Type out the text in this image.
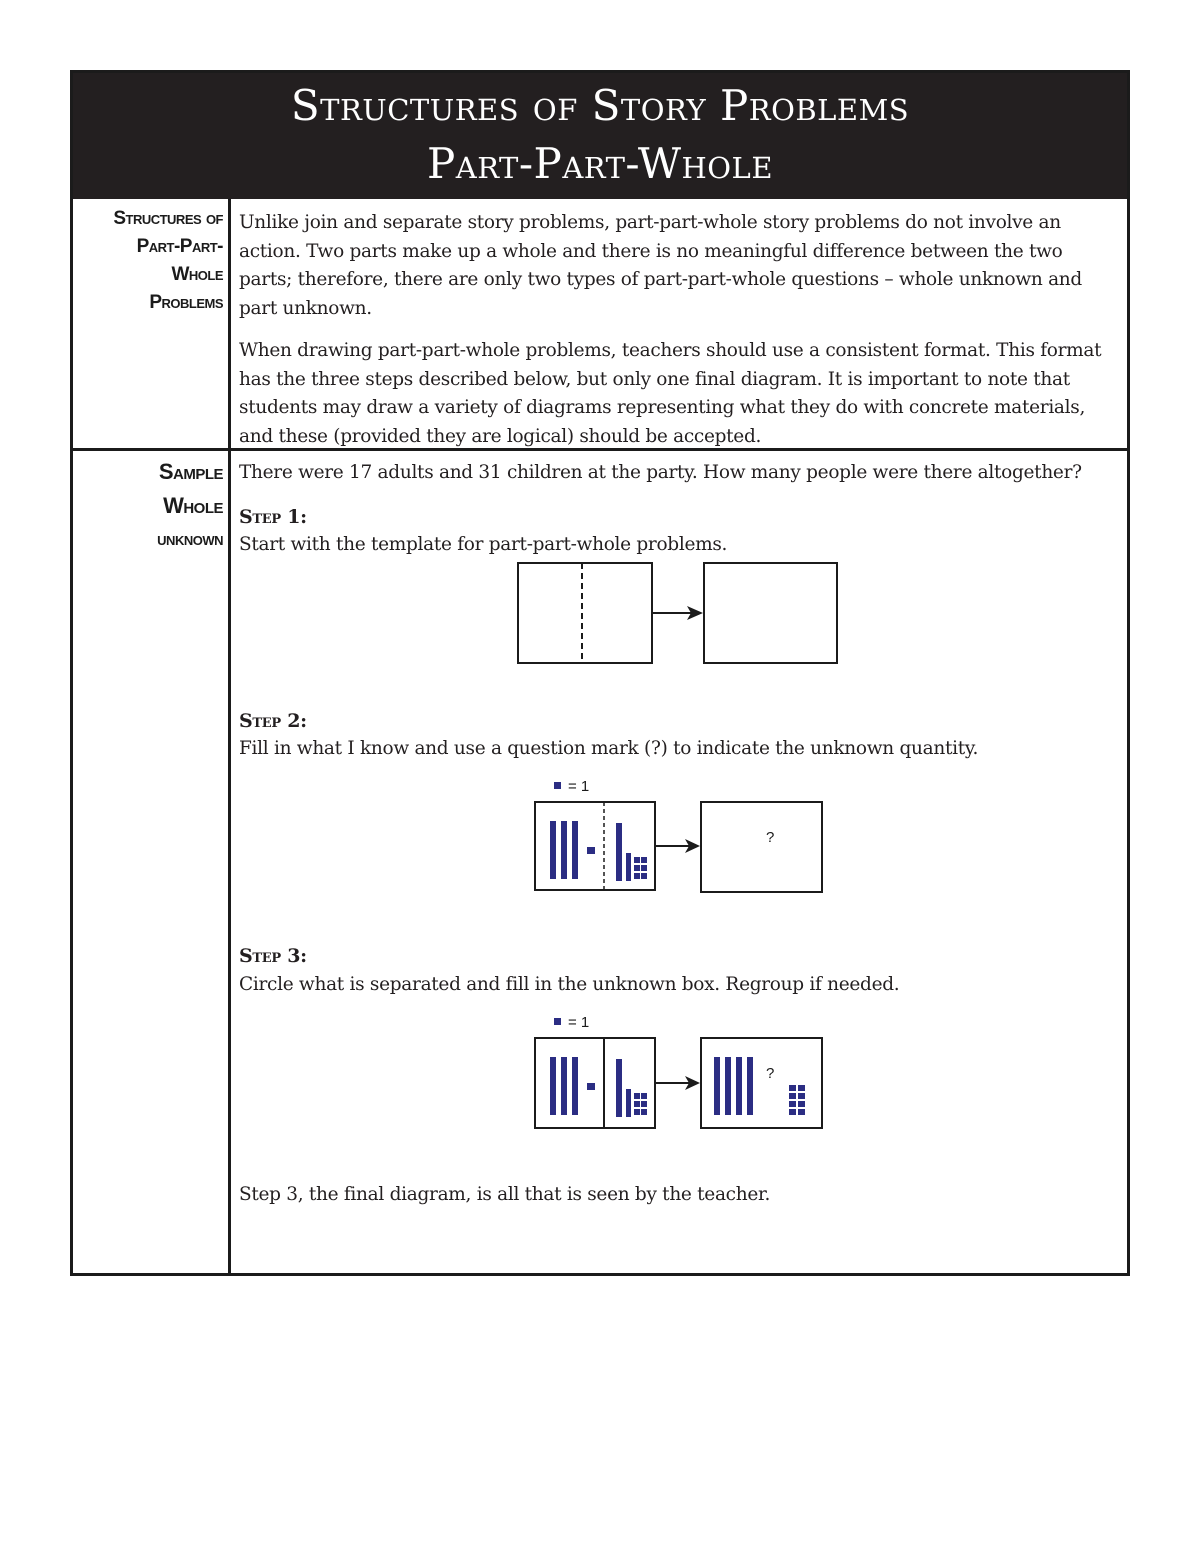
Structures of Story Problems
Part-Part-Whole
Structures of
Part-Part-
Whole
Problems
Unlike join and separate story problems, part-part-whole story problems do not involve an action. Two parts make up a whole and there is no meaningful difference between the two parts; therefore, there are only two types of part-part-whole questions – whole unknown and part unknown.
When drawing part-part-whole problems, teachers should use a consistent format. This format has the three steps described below, but only one final diagram. It is important to note that students may draw a variety of diagrams representing what they do with concrete materials, and these (provided they are logical) should be accepted.
Sample
Whole
unknown
There were 17 adults and 31 children at the party. How many people were there altogether?
Step 1:
Start with the template for part-part-whole problems.
Step 2:
Fill in what I know and use a question mark (?) to indicate the unknown quantity.
Step 3:
Circle what is separated and fill in the unknown box. Regroup if needed.
Step 3, the final diagram, is all that is seen by the teacher.
= 1
?
= 1
?
